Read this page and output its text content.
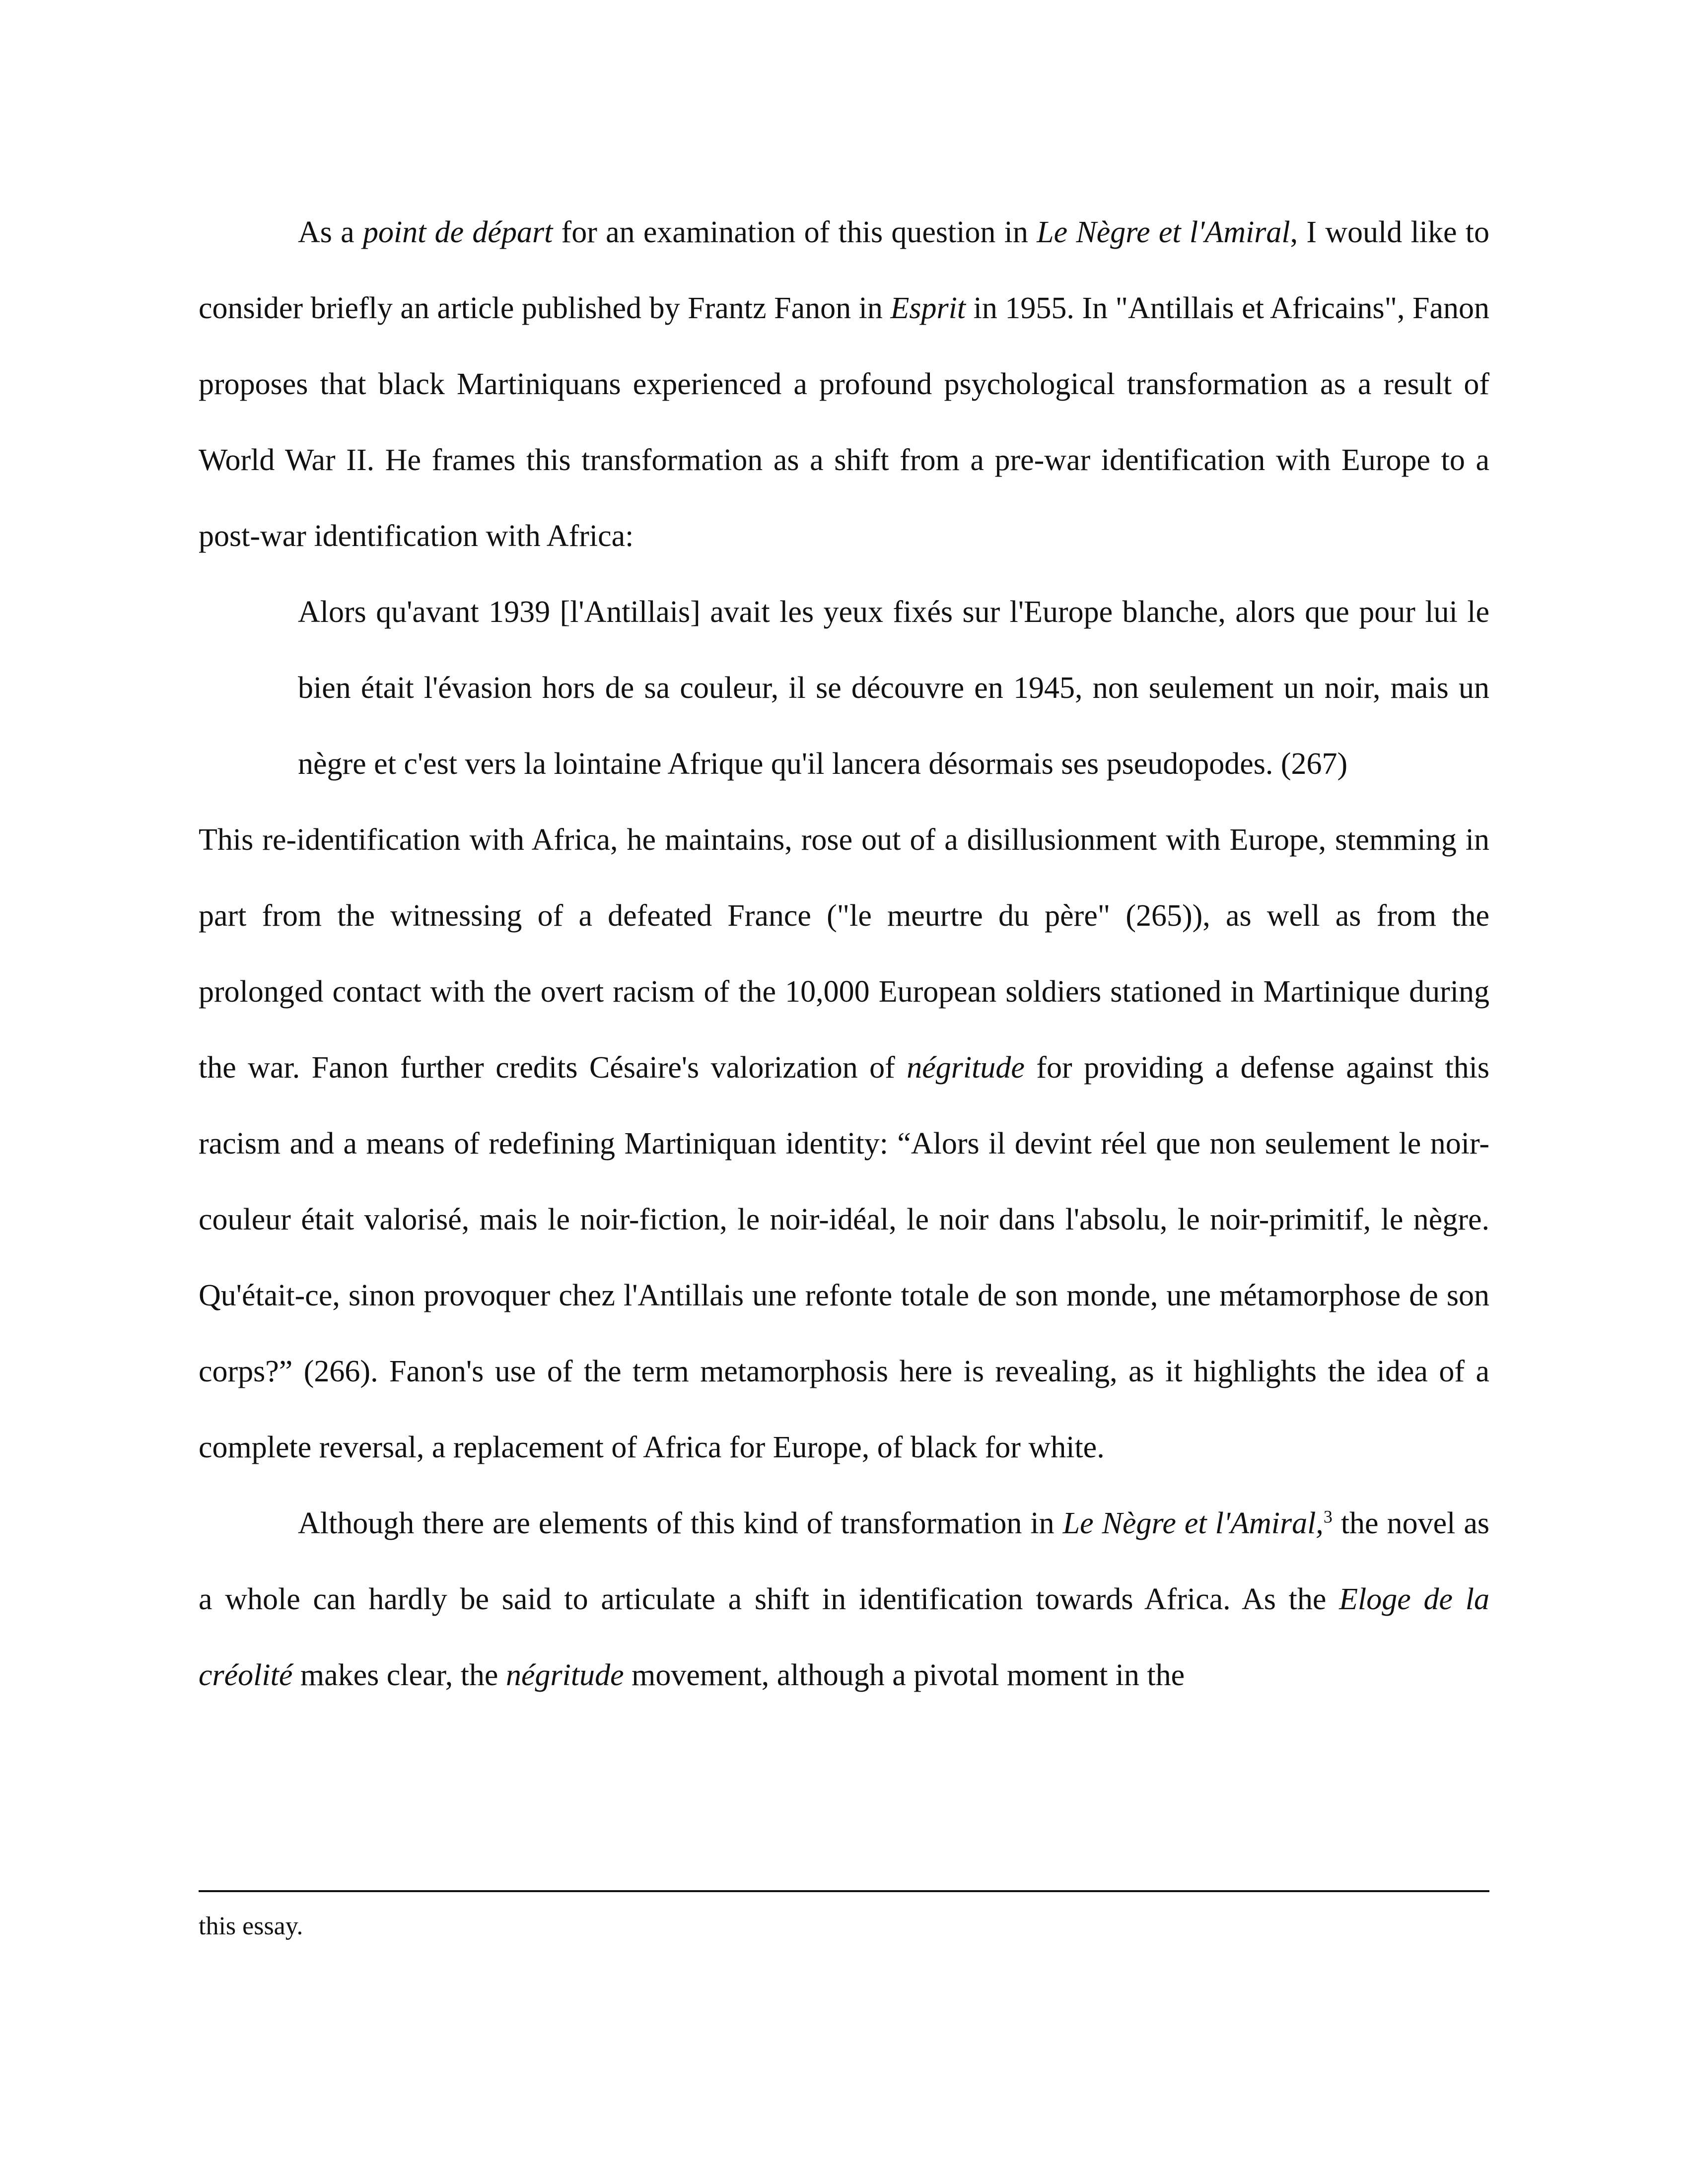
As a point de départ for an examination of this question in Le Nègre et l'Amiral, I would like to consider briefly an article published by Frantz Fanon in Esprit in 1955. In "Antillais et Africains", Fanon proposes that black Martiniquans experienced a profound psychological transformation as a result of World War II. He frames this transformation as a shift from a pre-war identification with Europe to a post-war identification with Africa:

Alors qu'avant 1939 [l'Antillais] avait les yeux fixés sur l'Europe blanche, alors que pour lui le bien était l'évasion hors de sa couleur, il se découvre en 1945, non seulement un noir, mais un nègre et c'est vers la lointaine Afrique qu'il lancera désormais ses pseudopodes. (267)

This re-identification with Africa, he maintains, rose out of a disillusionment with Europe, stemming in part from the witnessing of a defeated France ("le meurtre du père" (265)), as well as from the prolonged contact with the overt racism of the 10,000 European soldiers stationed in Martinique during the war. Fanon further credits Césaire's valorization of négritude for providing a defense against this racism and a means of redefining Martiniquan identity: “Alors il devint réel que non seulement le noir-couleur était valorisé, mais le noir-fiction, le noir-idéal, le noir dans l'absolu, le noir-primitif, le nègre. Qu'était-ce, sinon provoquer chez l'Antillais une refonte totale de son monde, une métamorphose de son corps?” (266). Fanon's use of the term metamorphosis here is revealing, as it highlights the idea of a complete reversal, a replacement of Africa for Europe, of black for white.

Although there are elements of this kind of transformation in Le Nègre et l'Amiral,$^3$ the novel as a whole can hardly be said to articulate a shift in identification towards Africa. As the Eloge de la créolité makes clear, the négritude movement, although a pivotal moment in the

this essay.
